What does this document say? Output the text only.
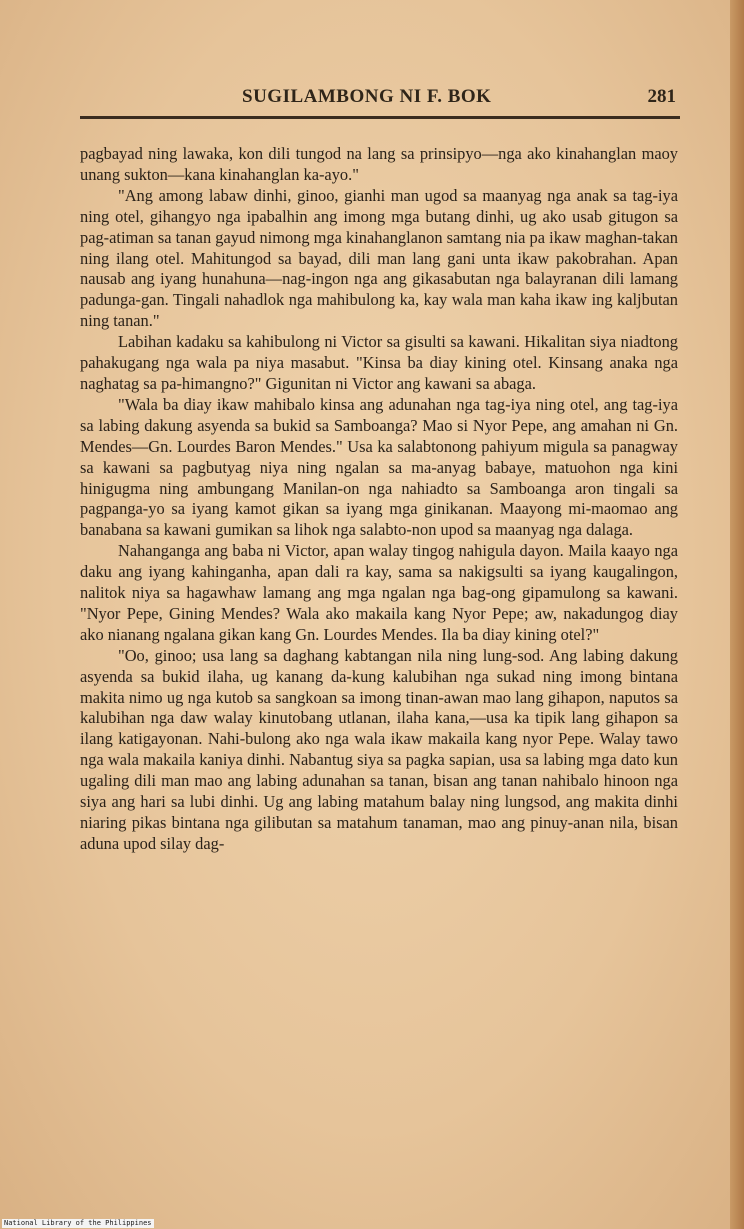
SUGILAMBONG NI F. BOK	281

pagbayad ning lawaka, kon dili tungod na lang sa prinsipyo—nga ako kinahanglan maoy unang sukton—kana kinahanglan ka-ayo."

"Ang among labaw dinhi, ginoo, gianhi man ugod sa maanyag nga anak sa tag-iya ning otel, gihangyo nga ipabalhin ang imong mga butang dinhi, ug ako usab gitugon sa pag-atiman sa tanan gayud nimong mga kinahanglanon samtang nia pa ikaw maghan-takan ning ilang otel. Mahitungod sa bayad, dili man lang gani unta ikaw pakobrahan. Apan nausab ang iyang hunahuna—nag-ingon nga ang gikasabutan nga balayranan dili lamang padunga-gan. Tingali nahadlok nga mahibulong ka, kay wala man kaha ikaw ing kaljbutan ning tanan."

Labihan kadaku sa kahibulong ni Victor sa gisulti sa kawani. Hikalitan siya niadtong pahakugang nga wala pa niya masabut. "Kinsa ba diay kining otel. Kinsang anaka nga naghatag sa pa-himangno?" Gigunitan ni Victor ang kawani sa abaga.

"Wala ba diay ikaw mahibalo kinsa ang adunahan nga tag-iya ning otel, ang tag-iya sa labing dakung asyenda sa bukid sa Samboanga? Mao si Nyor Pepe, ang amahan ni Gn. Mendes—Gn. Lourdes Baron Mendes." Usa ka salabtonong pahiyum migula sa panagway sa kawani sa pagbutyag niya ning ngalan sa ma-anyag babaye, matuohon nga kini hinigugma ning ambungang Manilan-on nga nahiadto sa Samboanga aron tingali sa pagpanga-yo sa iyang kamot gikan sa iyang mga ginikanan. Maayong mi-maomao ang banabana sa kawani gumikan sa lihok nga salabto-non upod sa maanyag nga dalaga.

Nahanganga ang baba ni Victor, apan walay tingog nahigula dayon. Maila kaayo nga daku ang iyang kahinganha, apan dali ra kay, sama sa nakigsulti sa iyang kaugalingon, nalitok niya sa hagawhaw lamang ang mga ngalan nga bag-ong gipamulong sa kawani. "Nyor Pepe, Gining Mendes? Wala ako makaila kang Nyor Pepe; aw, nakadungog diay ako nianang ngalana gikan kang Gn. Lourdes Mendes. Ila ba diay kining otel?"

"Oo, ginoo; usa lang sa daghang kabtangan nila ning lung-sod. Ang labing dakung asyenda sa bukid ilaha, ug kanang da-kung kalubihan nga sukad ning imong bintana makita nimo ug nga kutob sa sangkoan sa imong tinan-awan mao lang gihapon, naputos sa kalubihan nga daw walay kinutobang utlanan, ilaha kana,—usa ka tipik lang gihapon sa ilang katigayonan. Nahi-bulong ako nga wala ikaw makaila kang nyor Pepe. Walay tawo nga wala makaila kaniya dinhi. Nabantug siya sa pagka sapian, usa sa labing mga dato kun ugaling dili man mao ang labing adunahan sa tanan, bisan ang tanan nahibalo hinoon nga siya ang hari sa lubi dinhi. Ug ang labing matahum balay ning lungsod, ang makita dinhi niaring pikas bintana nga gilibutan sa matahum tanaman, mao ang pinuy-anan nila, bisan aduna upod silay dag-

National Library of the Philippines
